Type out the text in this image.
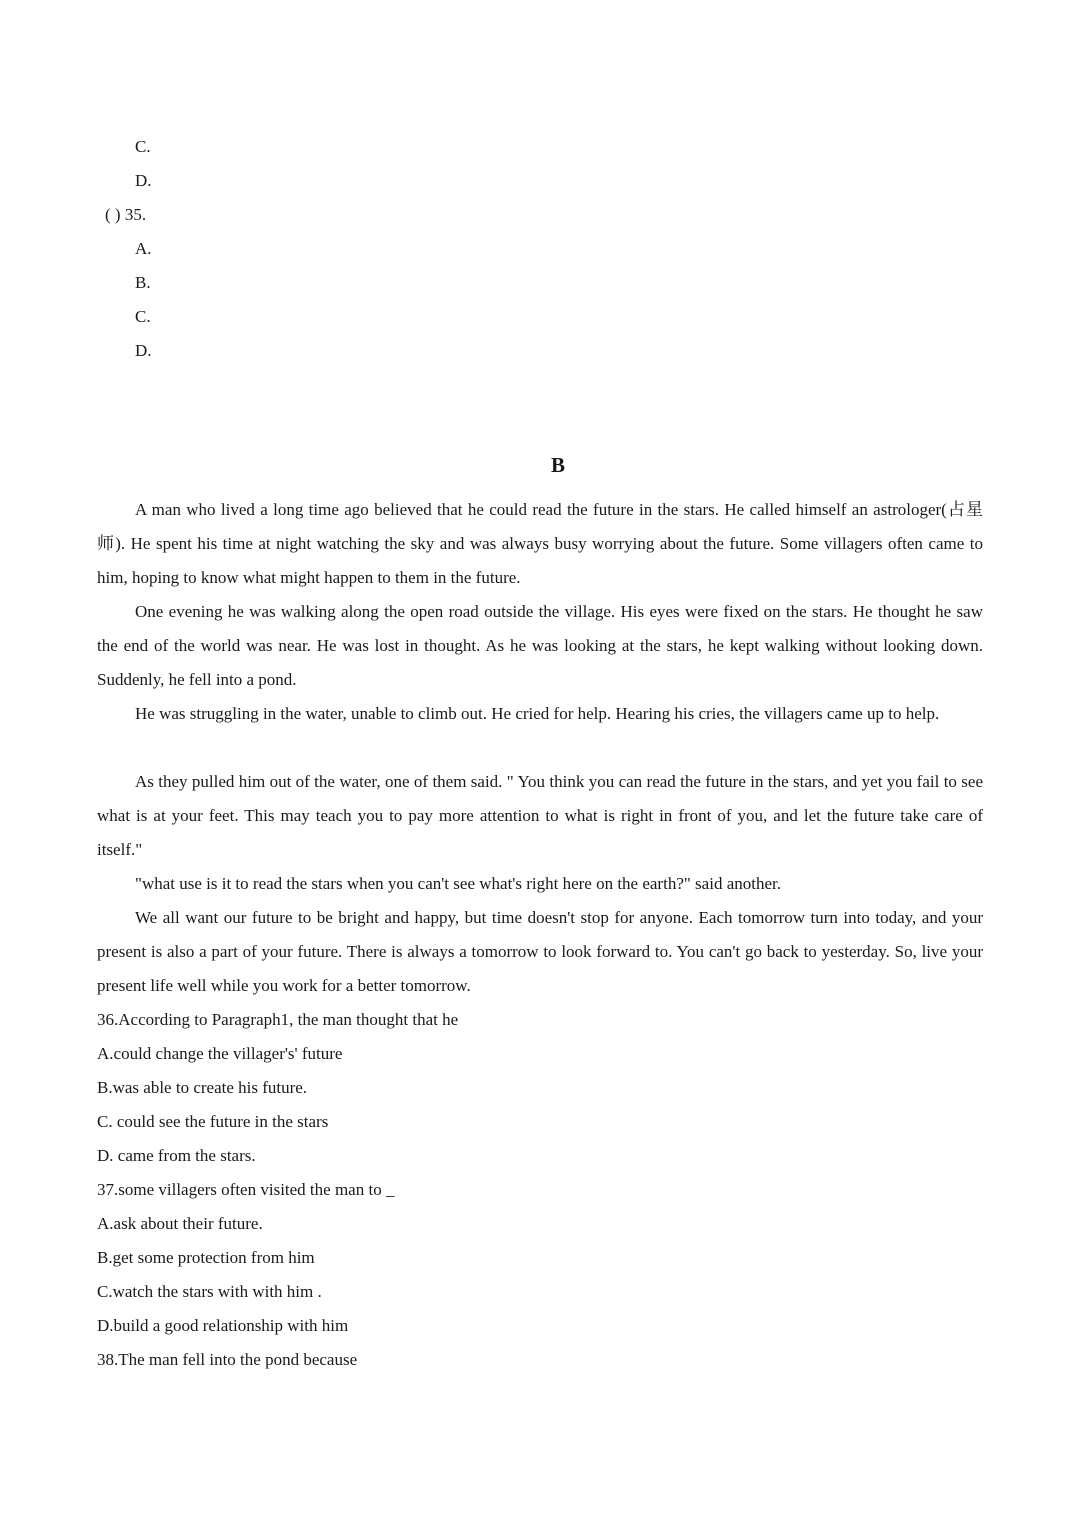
C.
D.
( ) 35.
A.
B.
C.
D.
B

A man who lived a long time ago believed that he could read the future in the stars. He called himself an astrologer(占星师). He spent his time at night watching the sky and was always busy worrying about the future. Some villagers often came to him, hoping to know what might happen to them in the future.

One evening he was walking along the open road outside the village. His eyes were fixed on the stars. He thought he saw the end of the world was near. He was lost in thought. As he was looking at the stars, he kept walking without looking down. Suddenly, he fell into a pond.

He was struggling in the water, unable to climb out. He cried for help. Hearing his cries, the villagers came up to help.

As they pulled him out of the water, one of them said. " You think you can read the future in the stars, and yet you fail to see what is at your feet. This may teach you to pay more attention to what is right in front of you, and let the future take care of itself."

"what use is it to read the stars when you can't see what's right here on the earth?" said another.

We all want our future to be bright and happy, but time doesn't stop for anyone. Each tomorrow turn into today, and your present is also a part of your future. There is always a tomorrow to look forward to. You can't go back to yesterday. So, live your present life well while you work for a better tomorrow.

36.According to Paragraph1, the man thought that he
A.could change the villager's' future
B.was able to create his future.
C. could see the future in the stars
D. came from the stars.
37.some villagers often visited the man to _
A.ask about their future.
B.get some protection from him
C.watch the stars with with him .
D.build a good relationship with him
38.The man fell into the pond because
